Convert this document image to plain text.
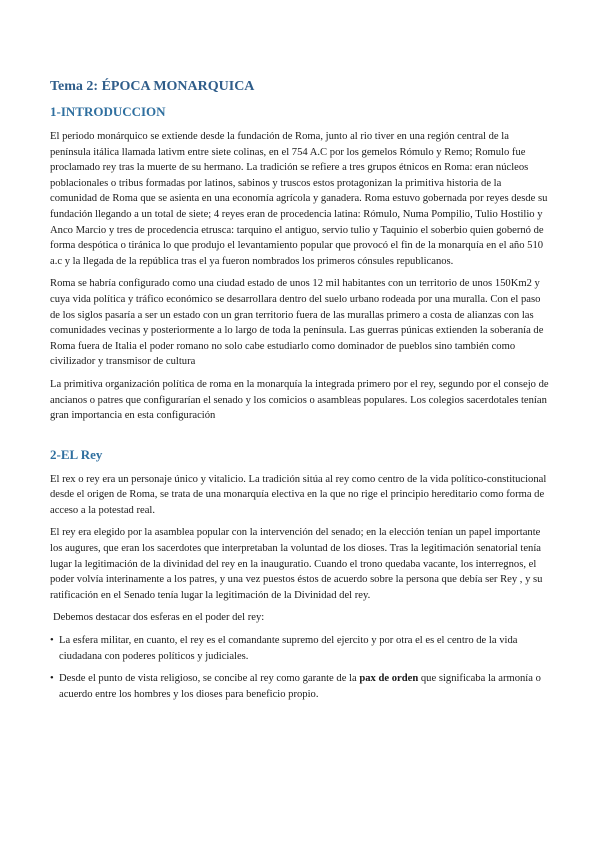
Tema 2: ÉPOCA MONARQUICA
1-INTRODUCCION

El periodo monárquico se extiende desde la fundación de Roma, junto al rio tiver en una región central de la península itálica llamada lativm entre siete colinas, en el 754 A.C por los gemelos Rómulo y Remo; Romulo fue proclamado rey tras la muerte de su hermano. La tradición se refiere a tres grupos étnicos en Roma: eran núcleos poblacionales o tribus formadas por latinos, sabinos y truscos estos protagonizan la primitiva historia de la comunidad de Roma que se asienta en una economía agrícola y ganadera. Roma estuvo gobernada por reyes desde su fundación llegando a un total de siete; 4 reyes eran de procedencia latina: Rómulo, Numa Pompilio, Tulio Hostilio y Anco Marcio y tres de procedencia etrusca: tarquino el antiguo, servio tulio y Taquinio el soberbio quien gobernó de forma despótica o tiránica lo que produjo el levantamiento popular que provocó el fin de la monarquía en el año 510 a.c y la llegada de la república tras el ya fueron nombrados los primeros cónsules republicanos.

Roma se habría configurado como una ciudad estado de unos 12 mil habitantes con un territorio de unos 150Km2 y cuya vida política y tráfico económico se desarrollara dentro del suelo urbano rodeada por una muralla. Con el paso de los siglos pasaría a ser un estado con un gran territorio fuera de las murallas primero a costa de alianzas con las comunidades vecinas y posteriormente a lo largo de toda la península. Las guerras púnicas extienden la soberanía de Roma fuera de Italia el poder romano no solo cabe estudiarlo como dominador de pueblos sino también como civilizador y transmisor de cultura

La primitiva organización política de roma en la monarquía la integrada primero por el rey, segundo por el consejo de ancianos o patres que configurarían el senado y los comicios o asambleas populares. Los colegios sacerdotales tenían gran importancia en esta configuración

2-EL Rey

El rex o rey era un personaje único y vitalicio. La tradición sitúa al rey como centro de la vida político-constitucional desde el origen de Roma, se trata de una monarquía electiva en la que no rige el principio hereditario como forma de acceso a la potestad real.

El rey era elegido por la asamblea popular con la intervención del senado; en la elección tenían un papel importante los augures, que eran los sacerdotes que interpretaban la voluntad de los dioses. Tras la legitimación senatorial tenía lugar la legitimación de la divinidad del rey en la inauguratio. Cuando el trono quedaba vacante, los interregnos, el poder volvía interinamente a los patres, y una vez puestos éstos de acuerdo sobre la persona que debía ser Rey , y su ratificación en el Senado tenía lugar la legitimación de la Divinidad del rey.

Debemos destacar dos esferas en el poder del rey:

• La esfera militar, en cuanto, el rey es el comandante supremo del ejercito y por otra el es el centro de la vida ciudadana con poderes políticos y judiciales.
• Desde el punto de vista religioso, se concibe al rey como garante de la pax de orden que significaba la armonía o acuerdo entre los hombres y los dioses para beneficio propio.
